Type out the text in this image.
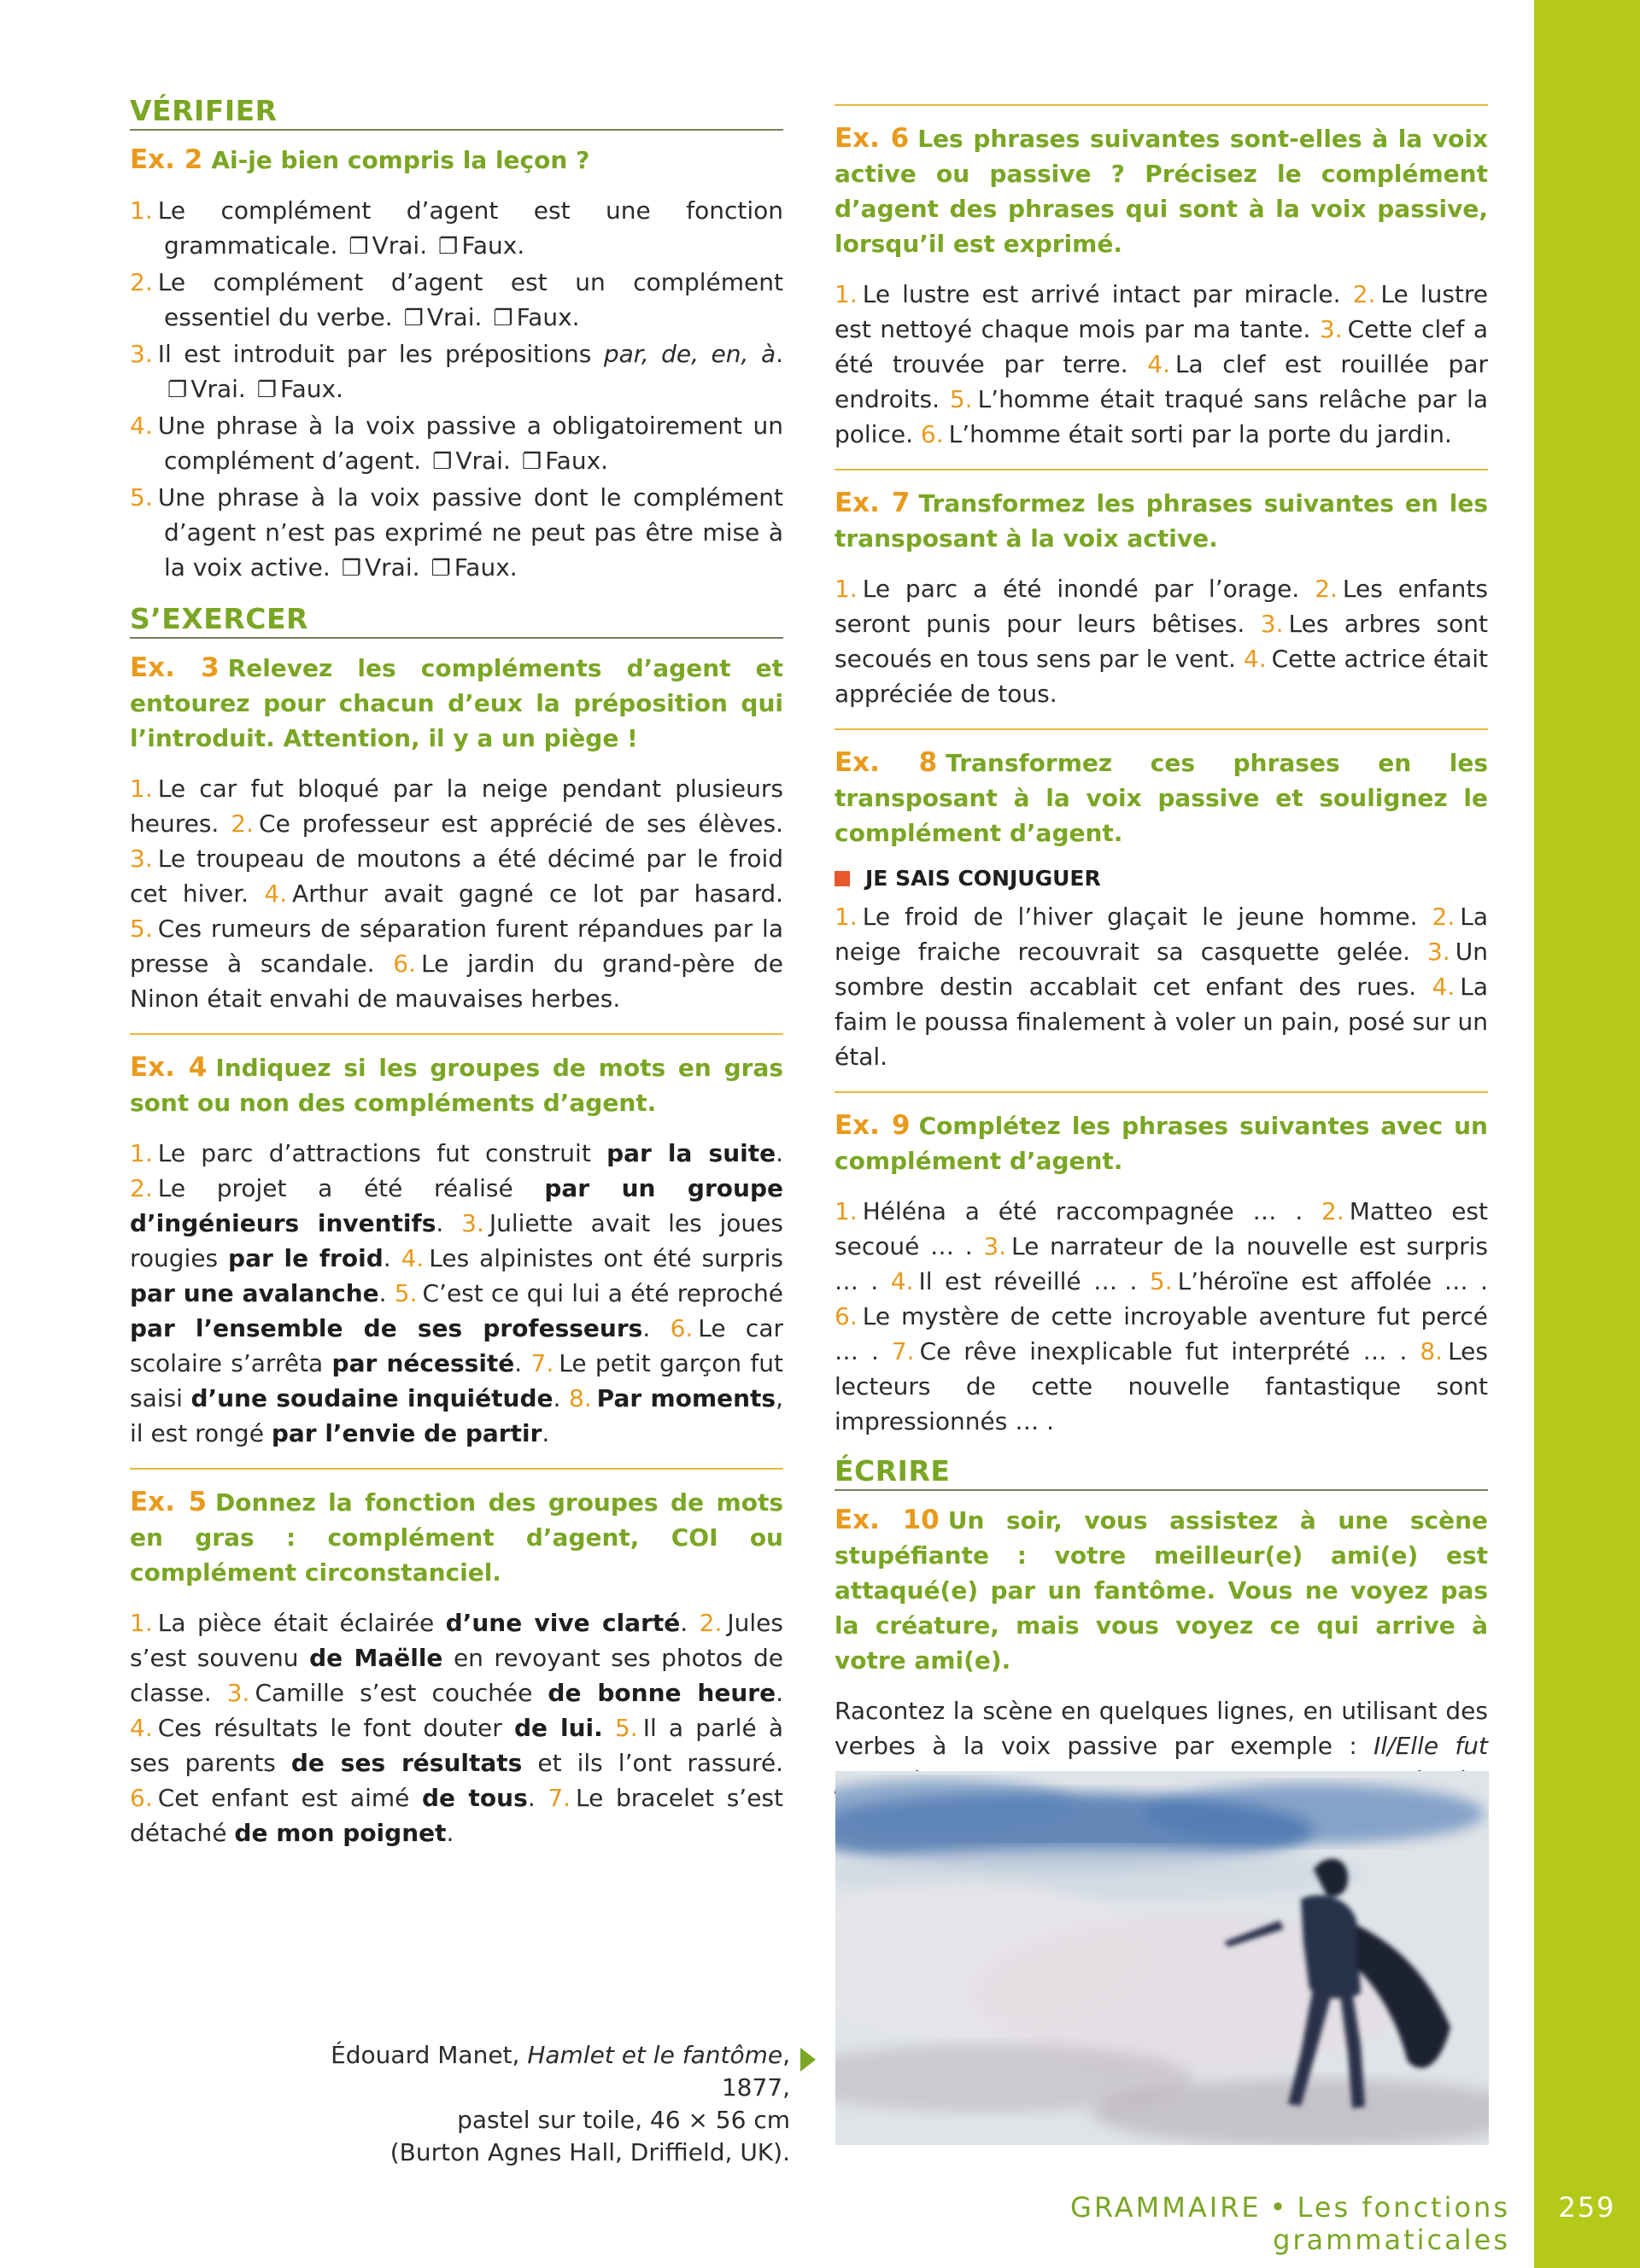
VÉRIFIER
Ex. 2 Ai-je bien compris la leçon ?
1. Le complément d’agent est une fonction grammaticale. ❐ Vrai. ❐ Faux.
2. Le complément d’agent est un complément essentiel du verbe. ❐ Vrai. ❐ Faux.
3. Il est introduit par les prépositions par, de, en, à. ❐ Vrai. ❐ Faux.
4. Une phrase à la voix passive a obligatoirement un complément d’agent. ❐ Vrai. ❐ Faux.
5. Une phrase à la voix passive dont le complément d’agent n’est pas exprimé ne peut pas être mise à la voix active. ❐ Vrai. ❐ Faux.
S’EXERCER
Ex. 3 Relevez les compléments d’agent et entourez pour chacun d’eux la préposition qui l’introduit. Attention, il y a un piège !
1. Le car fut bloqué par la neige pendant plusieurs heures. 2. Ce professeur est apprécié de ses élèves. 3. Le troupeau de moutons a été décimé par le froid cet hiver. 4. Arthur avait gagné ce lot par hasard. 5. Ces rumeurs de séparation furent répandues par la presse à scandale. 6. Le jardin du grand-père de Ninon était envahi de mauvaises herbes.
Ex. 4 Indiquez si les groupes de mots en gras sont ou non des compléments d’agent.
1. Le parc d’attractions fut construit par la suite. 2. Le projet a été réalisé par un groupe d’ingénieurs inventifs. 3. Juliette avait les joues rougies par le froid. 4. Les alpinistes ont été surpris par une avalanche. 5. C’est ce qui lui a été reproché par l’ensemble de ses professeurs. 6. Le car scolaire s’arrêta par nécessité. 7. Le petit garçon fut saisi d’une soudaine inquiétude. 8. Par moments, il est rongé par l’envie de partir.
Ex. 5 Donnez la fonction des groupes de mots en gras : complément d’agent, COI ou complément circonstanciel.
1. La pièce était éclairée d’une vive clarté. 2. Jules s’est souvenu de Maëlle en revoyant ses photos de classe. 3. Camille s’est couchée de bonne heure. 4. Ces résultats le font douter de lui. 5. Il a parlé à ses parents de ses résultats et ils l’ont rassuré. 6. Cet enfant est aimé de tous. 7. Le bracelet s’est détaché de mon poignet.
Ex. 6 Les phrases suivantes sont-elles à la voix active ou passive ? Précisez le complément d’agent des phrases qui sont à la voix passive, lorsqu’il est exprimé.
1. Le lustre est arrivé intact par miracle. 2. Le lustre est nettoyé chaque mois par ma tante. 3. Cette clef a été trouvée par terre. 4. La clef est rouillée par endroits. 5. L’homme était traqué sans relâche par la police. 6. L’homme était sorti par la porte du jardin.
Ex. 7 Transformez les phrases suivantes en les transposant à la voix active.
1. Le parc a été inondé par l’orage. 2. Les enfants seront punis pour leurs bêtises. 3. Les arbres sont secoués en tous sens par le vent. 4. Cette actrice était appréciée de tous.
Ex. 8 Transformez ces phrases en les transposant à la voix passive et soulignez le complément d’agent.
JE SAIS CONJUGUER
1. Le froid de l’hiver glaçait le jeune homme. 2. La neige fraiche recouvrait sa casquette gelée. 3. Un sombre destin accablait cet enfant des rues. 4. La faim le poussa finalement à voler un pain, posé sur un étal.
Ex. 9 Complétez les phrases suivantes avec un complément d’agent.
1. Héléna a été raccompagnée … . 2. Matteo est secoué … . 3. Le narrateur de la nouvelle est surpris … . 4. Il est réveillé … . 5. L’héroïne est affolée … . 6. Le mystère de cette incroyable aventure fut percé … . 7. Ce rêve inexplicable fut interprété … . 8. Les lecteurs de cette nouvelle fantastique sont impressionnés … .
ÉCRIRE
Ex. 10 Un soir, vous assistez à une scène stupéfiante : votre meilleur(e) ami(e) est attaqué(e) par un fantôme. Vous ne voyez pas la créature, mais vous voyez ce qui arrive à votre ami(e).
Racontez la scène en quelques lignes, en utilisant des verbes à la voix passive par exemple : Il/Elle fut
Édouard Manet, Hamlet et le fantôme, 1877,
pastel sur toile, 46 × 56 cm
(Burton Agnes Hall, Driffield, UK).
GRAMMAIRE • Les fonctions grammaticales
259
